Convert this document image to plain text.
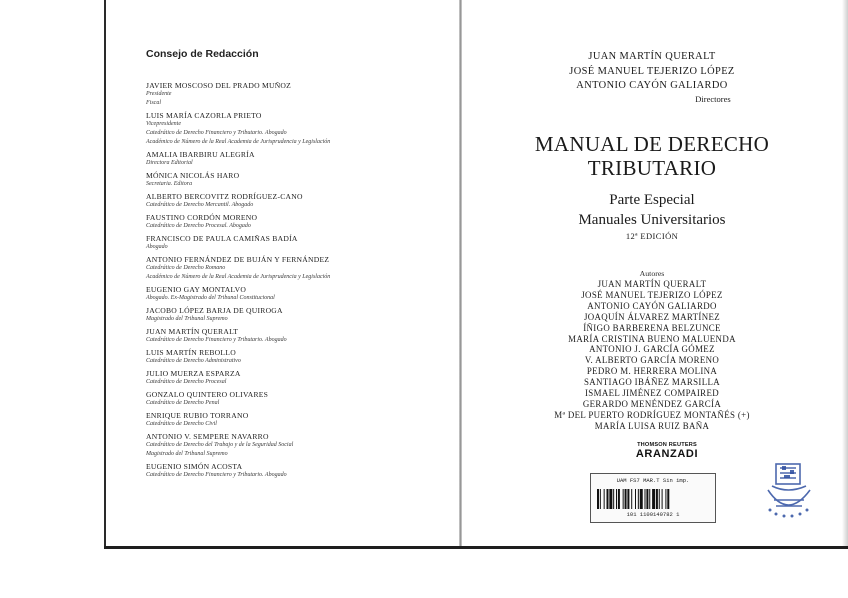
Consejo de Redacción
JAVIER MOSCOSO DEL PRADO MUÑOZ
Presidente
Fiscal
LUIS MARÍA CAZORLA PRIETO
Vicepresidente
Catedrático de Derecho Financiero y Tributario. Abogado
Académico de Número de la Real Academia de Jurisprudencia y Legislación
AMALIA IBARBIRU ALEGRÍA
Directora Editorial
MÓNICA NICOLÁS HARO
Secretaria. Editora
ALBERTO BERCOVITZ RODRÍGUEZ-CANO
Catedrático de Derecho Mercantil. Abogado
FAUSTINO CORDÓN MORENO
Catedrático de Derecho Procesal. Abogado
FRANCISCO DE PAULA CAMIÑAS BADÍA
Abogado
ANTONIO FERNÁNDEZ DE BUJÁN Y FERNÁNDEZ
Catedrático de Derecho Romano
Académico de Número de la Real Academia de Jurisprudencia y Legislación
EUGENIO GAY MONTALVO
Abogado. Ex-Magistrado del Tribunal Constitucional
JACOBO LÓPEZ BARJA DE QUIROGA
Magistrado del Tribunal Supremo
JUAN MARTÍN QUERALT
Catedrático de Derecho Financiero y Tributario. Abogado
LUIS MARTÍN REBOLLO
Catedrático de Derecho Administrativo
JULIO MUERZA ESPARZA
Catedrático de Derecho Procesal
GONZALO QUINTERO OLIVARES
Catedrático de Derecho Penal
ENRIQUE RUBIO TORRANO
Catedrático de Derecho Civil
ANTONIO V. SEMPERE NAVARRO
Catedrático de Derecho del Trabajo y de la Seguridad Social
Magistrado del Tribunal Supremo
EUGENIO SIMÓN ACOSTA
Catedrático de Derecho Financiero y Tributario. Abogado
JUAN MARTÍN QUERALT
JOSÉ MANUEL TEJERIZO LÓPEZ
ANTONIO CAYÓN GALIARDO
Directores
MANUAL DE DERECHO
TRIBUTARIO
Parte Especial
Manuales Universitarios
12ª EDICIÓN
Autores
JUAN MARTÍN QUERALT
JOSÉ MANUEL TEJERIZO LÓPEZ
ANTONIO CAYÓN GALIARDO
JOAQUÍN ÁLVAREZ MARTÍNEZ
ÍÑIGO BARBERENA BELZUNCE
MARÍA CRISTINA BUENO MALUENDA
ANTONIO J. GARCÍA GÓMEZ
V. ALBERTO GARCÍA MORENO
PEDRO M. HERRERA MOLINA
SANTIAGO IBÁÑEZ MARSILLA
ISMAEL JIMÉNEZ COMPAIRED
GERARDO MENÉNDEZ GARCÍA
Mª DEL PUERTO RODRÍGUEZ MONTAÑÉS (+)
MARÍA LUISA RUIZ BAÑA
THOMSON REUTERS
ARANZADI
UAM FS7 MAR.T Sin imp.
101 1100140782 1
